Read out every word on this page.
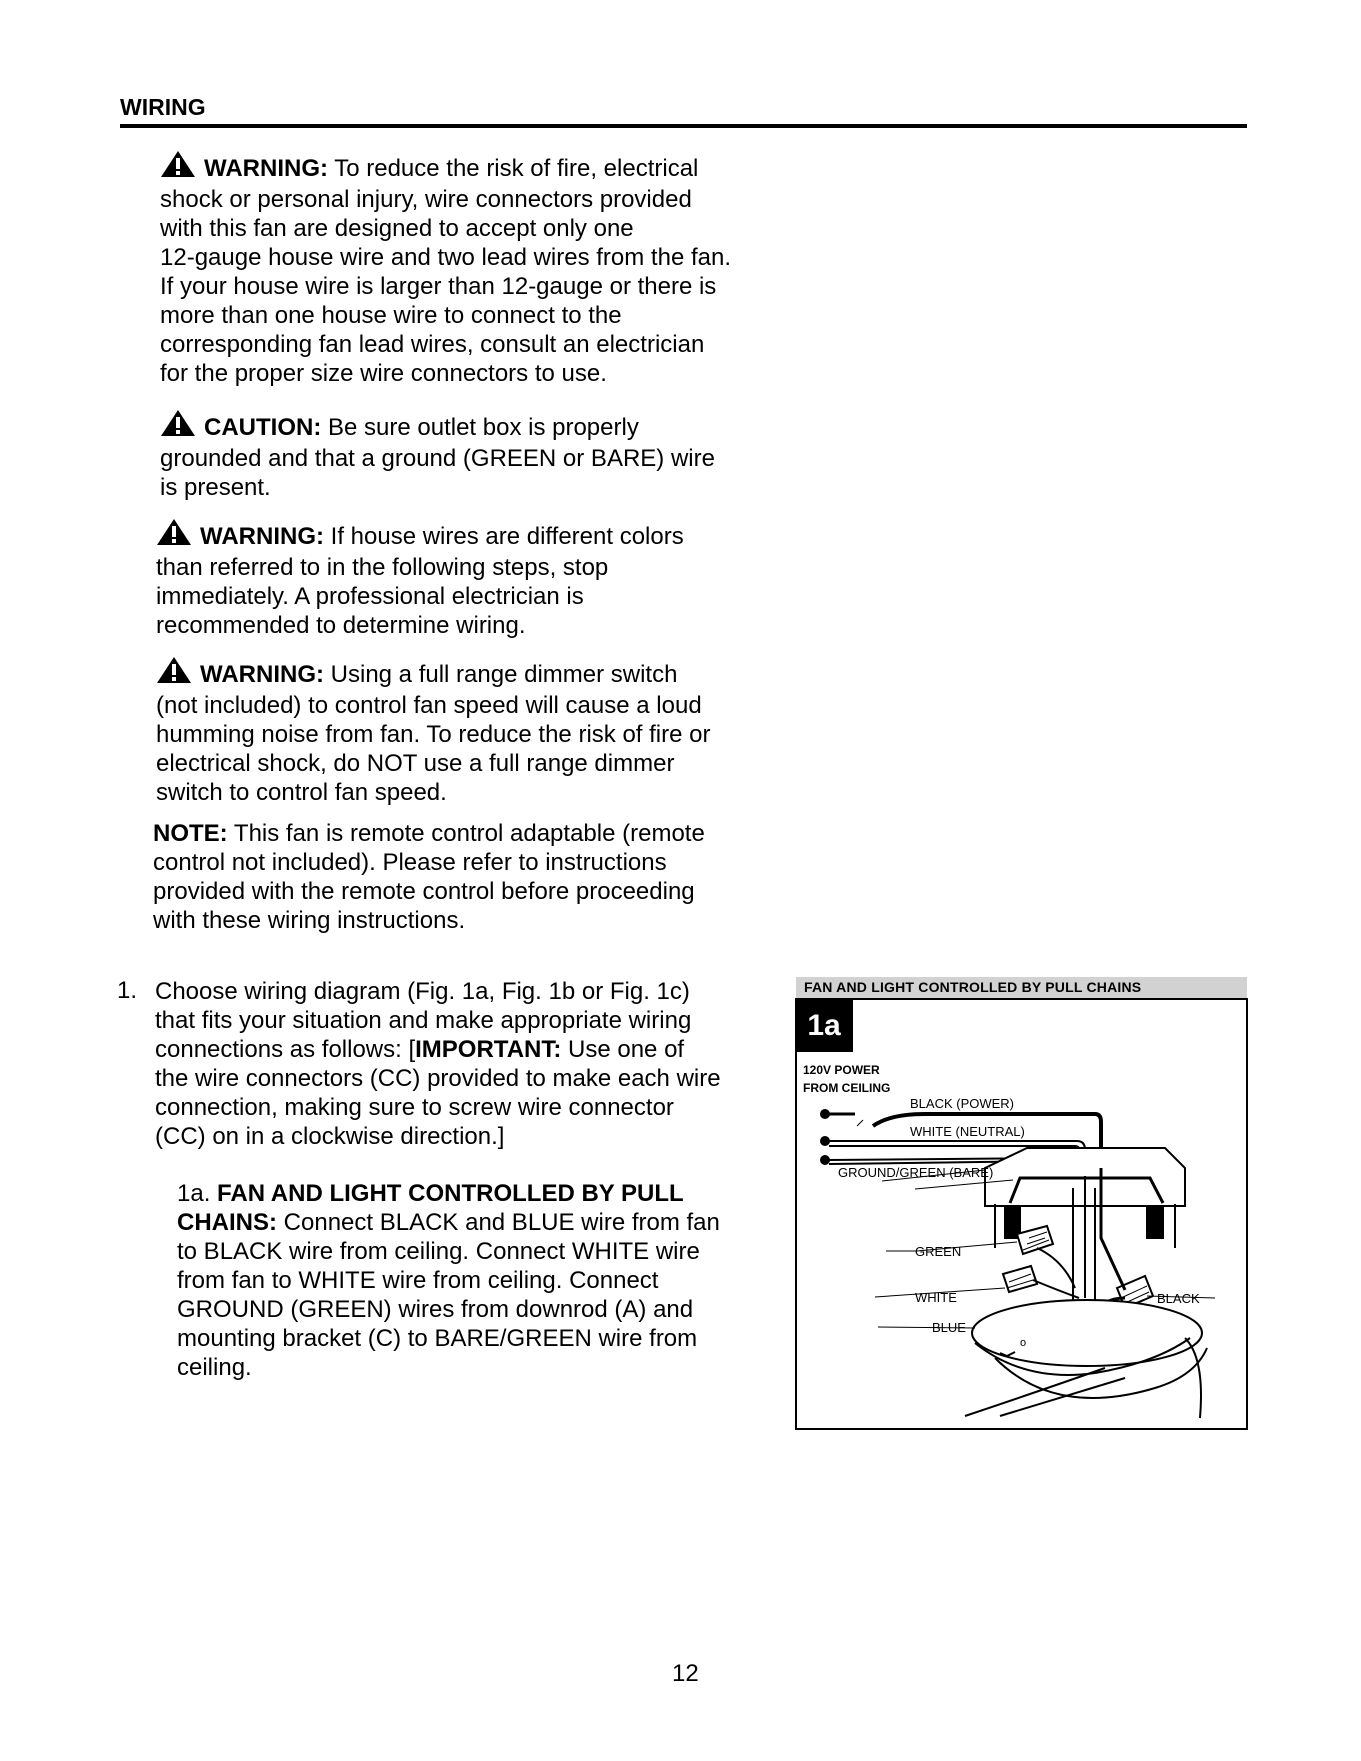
WIRING
WARNING: To reduce the risk of fire, electrical
shock or personal injury, wire connectors provided
with this fan are designed to accept only one
12-gauge house wire and two lead wires from the fan.
If your house wire is larger than 12-gauge or there is
more than one house wire to connect to the
corresponding fan lead wires, consult an electrician
for the proper size wire connectors to use.
CAUTION: Be sure outlet box is properly
grounded and that a ground (GREEN or BARE) wire
is present.
WARNING: If house wires are different colors
than referred to in the following steps, stop
immediately. A professional electrician is
recommended to determine wiring.
WARNING: Using a full range dimmer switch
(not included) to control fan speed will cause a loud
humming noise from fan. To reduce the risk of fire or
electrical shock, do NOT use a full range dimmer
switch to control fan speed.
NOTE: This fan is remote control adaptable (remote
control not included). Please refer to instructions
provided with the remote control before proceeding
with these wiring instructions.
1. Choose wiring diagram (Fig. 1a, Fig. 1b or Fig. 1c)
that fits your situation and make appropriate wiring
connections as follows: [IMPORTANT: Use one of
the wire connectors (CC) provided to make each wire
connection, making sure to screw wire connector
(CC) on in a clockwise direction.]
1a. FAN AND LIGHT CONTROLLED BY PULL
CHAINS: Connect BLACK and BLUE wire from fan
to BLACK wire from ceiling. Connect WHITE wire
from fan to WHITE wire from ceiling. Connect
GROUND (GREEN) wires from downrod (A) and
mounting bracket (C) to BARE/GREEN wire from
ceiling.
FAN AND LIGHT CONTROLLED BY PULL CHAINS
120V POWER
FROM CEILING
BLACK (POWER)
WHITE (NEUTRAL)
GROUND/GREEN (BARE)
GREEN
WHITE
BLUE
BLACK
o
1a
12
